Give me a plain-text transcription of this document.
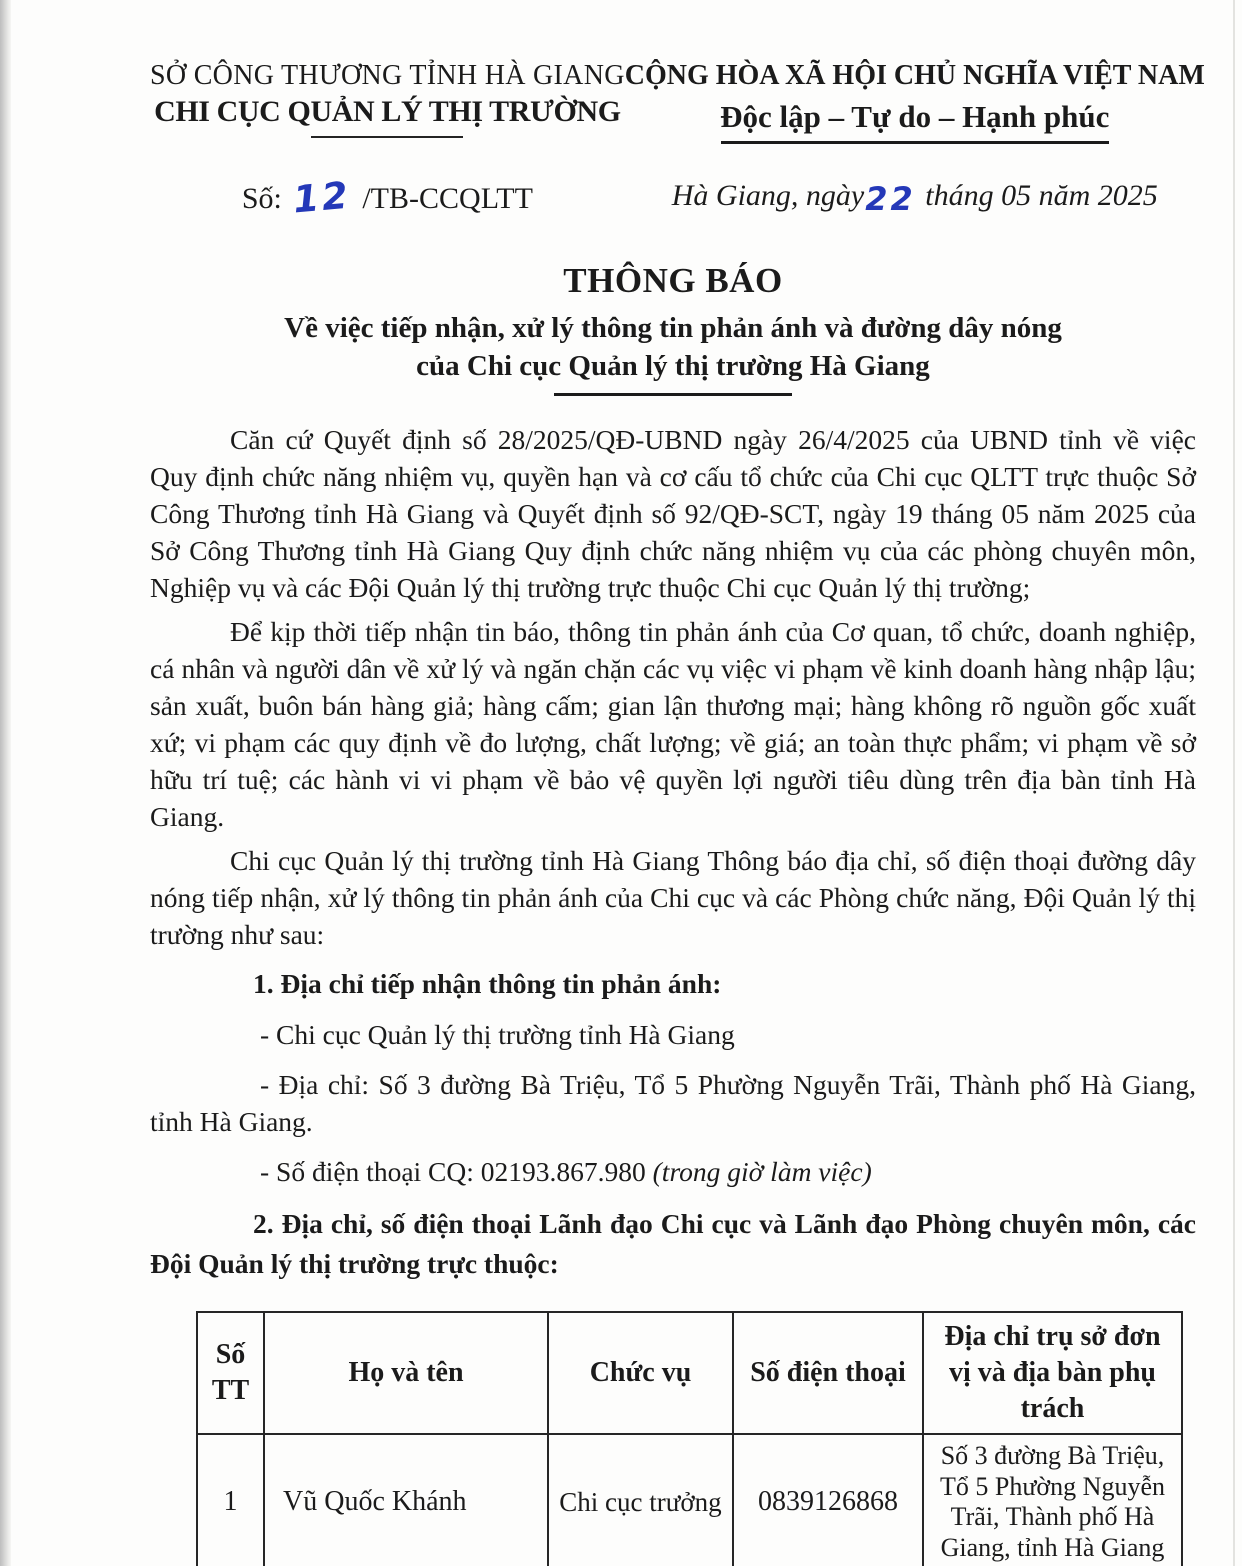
SỞ CÔNG THƯƠNG TỈNH HÀ GIANG
CHI CỤC QUẢN LÝ THỊ TRƯỜNG
Số: 12 /TB-CCQLTT
CỘNG HÒA XÃ HỘI CHỦ NGHĨA VIỆT NAM
Độc lập – Tự do – Hạnh phúc
Hà Giang, ngày22 tháng 05 năm 2025
THÔNG BÁO
Về việc tiếp nhận, xử lý thông tin phản ánh và đường dây nóng
của Chi cục Quản lý thị trường Hà Giang

Căn cứ Quyết định số 28/2025/QĐ-UBND ngày 26/4/2025 của UBND tỉnh về việc Quy định chức năng nhiệm vụ, quyền hạn và cơ cấu tổ chức của Chi cục QLTT trực thuộc Sở Công Thương tỉnh Hà Giang và Quyết định số 92/QĐ-SCT, ngày 19 tháng 05 năm 2025 của Sở Công Thương tỉnh Hà Giang Quy định chức năng nhiệm vụ của các phòng chuyên môn, Nghiệp vụ và các Đội Quản lý thị trường trực thuộc Chi cục Quản lý thị trường;

Để kịp thời tiếp nhận tin báo, thông tin phản ánh của Cơ quan, tổ chức, doanh nghiệp, cá nhân và người dân về xử lý và ngăn chặn các vụ việc vi phạm về kinh doanh hàng nhập lậu; sản xuất, buôn bán hàng giả; hàng cấm; gian lận thương mại; hàng không rõ nguồn gốc xuất xứ; vi phạm các quy định về đo lượng, chất lượng; về giá; an toàn thực phẩm; vi phạm về sở hữu trí tuệ; các hành vi vi phạm về bảo vệ quyền lợi người tiêu dùng trên địa bàn tỉnh Hà Giang.

Chi cục Quản lý thị trường tỉnh Hà Giang Thông báo địa chỉ, số điện thoại đường dây nóng tiếp nhận, xử lý thông tin phản ánh của Chi cục và các Phòng chức năng, Đội Quản lý thị trường như sau:

1. Địa chỉ tiếp nhận thông tin phản ánh:
- Chi cục Quản lý thị trường tỉnh Hà Giang
- Địa chỉ: Số 3 đường Bà Triệu, Tổ 5 Phường Nguyễn Trãi, Thành phố Hà Giang, tỉnh Hà Giang.
- Số điện thoại CQ: 02193.867.980 (trong giờ làm việc)
2. Địa chỉ, số điện thoại Lãnh đạo Chi cục và Lãnh đạo Phòng chuyên môn, các Đội Quản lý thị trường trực thuộc:
Số TT	Họ và tên	Chức vụ	Số điện thoại	Địa chỉ trụ sở đơn vị và địa bàn phụ trách
1	Vũ Quốc Khánh	Chi cục trưởng	0839126868	Số 3 đường Bà Triệu, Tổ 5 Phường Nguyễn Trãi, Thành phố Hà Giang, tỉnh Hà Giang
